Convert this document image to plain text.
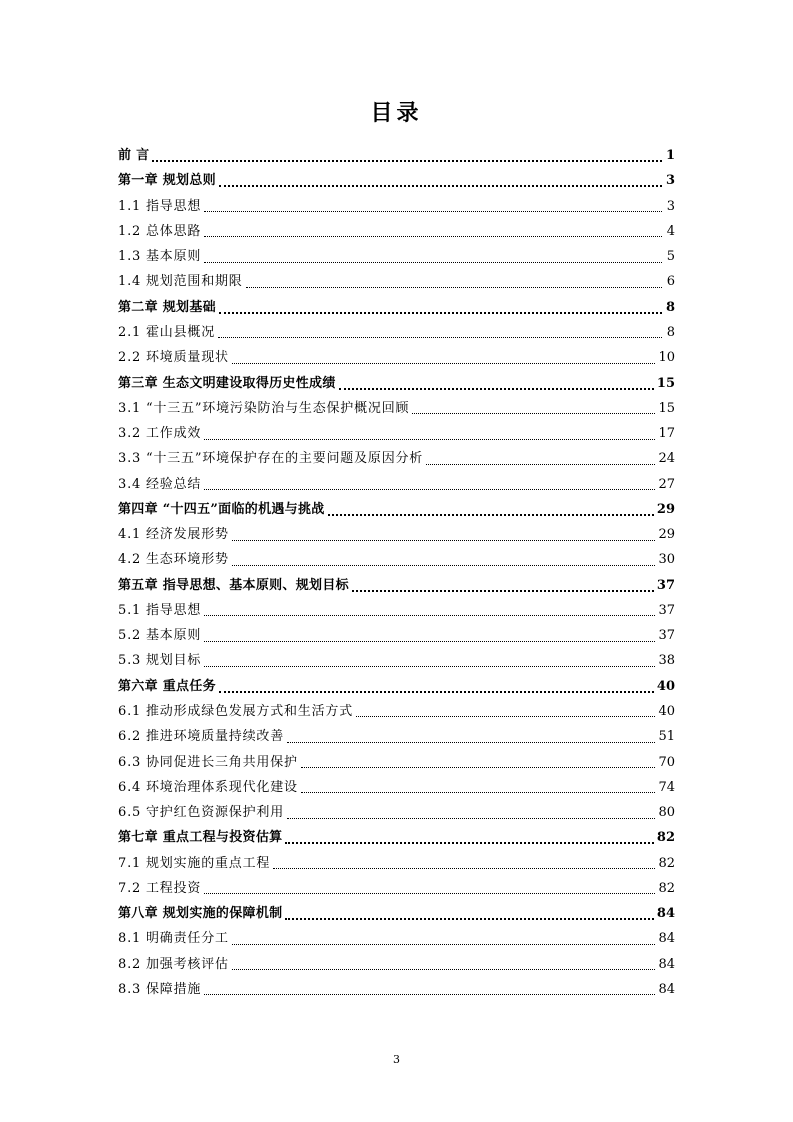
目录
前 言	1
第一章 规划总则	3
1.1 指导思想	3
1.2 总体思路	4
1.3 基本原则	5
1.4 规划范围和期限	6
第二章 规划基础	8
2.1 霍山县概况	8
2.2 环境质量现状	10
第三章 生态文明建设取得历史性成绩	15
3.1 “十三五”环境污染防治与生态保护概况回顾	15
3.2 工作成效	17
3.3 “十三五”环境保护存在的主要问题及原因分析	24
3.4 经验总结	27
第四章 “十四五”面临的机遇与挑战	29
4.1 经济发展形势	29
4.2 生态环境形势	30
第五章 指导思想、基本原则、规划目标	37
5.1 指导思想	37
5.2 基本原则	37
5.3 规划目标	38
第六章 重点任务	40
6.1 推动形成绿色发展方式和生活方式	40
6.2 推进环境质量持续改善	51
6.3 协同促进长三角共用保护	70
6.4 环境治理体系现代化建设	74
6.5 守护红色资源保护利用	80
第七章 重点工程与投资估算	82
7.1 规划实施的重点工程	82
7.2 工程投资	82
第八章 规划实施的保障机制	84
8.1 明确责任分工	84
8.2 加强考核评估	84
8.3 保障措施	84
3
